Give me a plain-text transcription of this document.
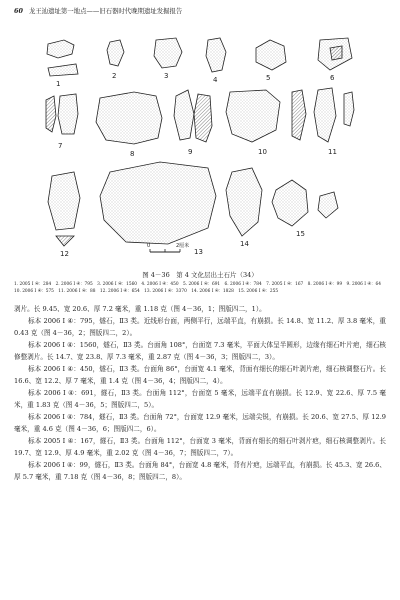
60 龙王辿遗址第一地点——旧石器时代晚期遗址发掘报告
1
2	3	4	5	6
7
8	9	10	11
12	13
14
15
0	2厘米
图 4－36　第 4 文化层出土石片（34）
1. 2005 Ⅰ ④：284 2. 2006 Ⅰ ④：795 3. 2006 Ⅰ ④：1560 4. 2006 Ⅰ ④：450 5. 2006 Ⅰ ④：691 6. 2006 Ⅰ ④：784 7. 2005 Ⅰ ④：167 8. 2006 Ⅰ ④：99 9. 2006 Ⅰ ④：64 10. 2006 Ⅰ ④：575 11. 2006 Ⅰ ④：88 12. 2006 Ⅰ ④：654 13. 2006 Ⅰ ④：3370 14. 2006 Ⅰ ④：1828 15. 2006 Ⅰ ④：255

剥片。长 9.45、宽 20.6、厚 7.2 毫米，重 1.18 克（图 4－36，1；图版四二，1）。

标本 2006 Ⅰ ④：795，燧石，Ⅱ3 类。近线形台面，两侧平行，远端平直，有崩损。长 14.8、宽 11.2、厚 3.8 毫米，重 0.43 克（图 4－36，2；图版四二，2）。

标本 2006 Ⅰ ④：1560，燧石，Ⅱ3 类。台面角 108°，台面宽 7.3 毫米，平面大体呈半圆形，边缘有细石叶片疤，细石核修整剥片。长 14.7、宽 23.8、厚 7.3 毫米，重 2.87 克（图 4－36，3；图版四二，3）。

标本 2006 Ⅰ ④：450，燧石，Ⅱ3 类。台面角 86°，台面宽 4.1 毫米，背面有细长的细石叶剥片疤，细石核调整石片。长 16.6、宽 12.2、厚 7 毫米，重 1.4 克（图 4－36，4；图版四二，4）。

标本 2006 Ⅰ ④：691，燧石，Ⅱ3 类。台面角 112°，台面宽 5 毫米，远端平直有崩损。长 12.9、宽 22.6、厚 7.5 毫米，重 1.83 克（图 4－36，5；图版四二，5）。

标本 2006 Ⅰ ④：784，燧石，Ⅱ3 类。台面角 72°，台面宽 12.9 毫米，远端尖锐，有崩损。长 20.6、宽 27.5、厚 12.9 毫米，重 4.6 克（图 4－36，6；图版四二，6）。

标本 2005 Ⅰ ④：167，燧石，Ⅱ3 类。台面角 112°，台面宽 3 毫米，背面有细长的细石叶剥片疤，细石核调整剥片。长 19.7、宽 12.9、厚 4.9 毫米，重 2.02 克（图 4－36，7；图版四二，7）。

标本 2006 Ⅰ ④：99，燧石，Ⅱ3 类。台面角 84°，台面宽 4.8 毫米，背有片疤，远端平直，有崩损。长 45.3、宽 26.6、厚 5.7 毫米，重 7.18 克（图 4－36，8；图版四二，8）。
